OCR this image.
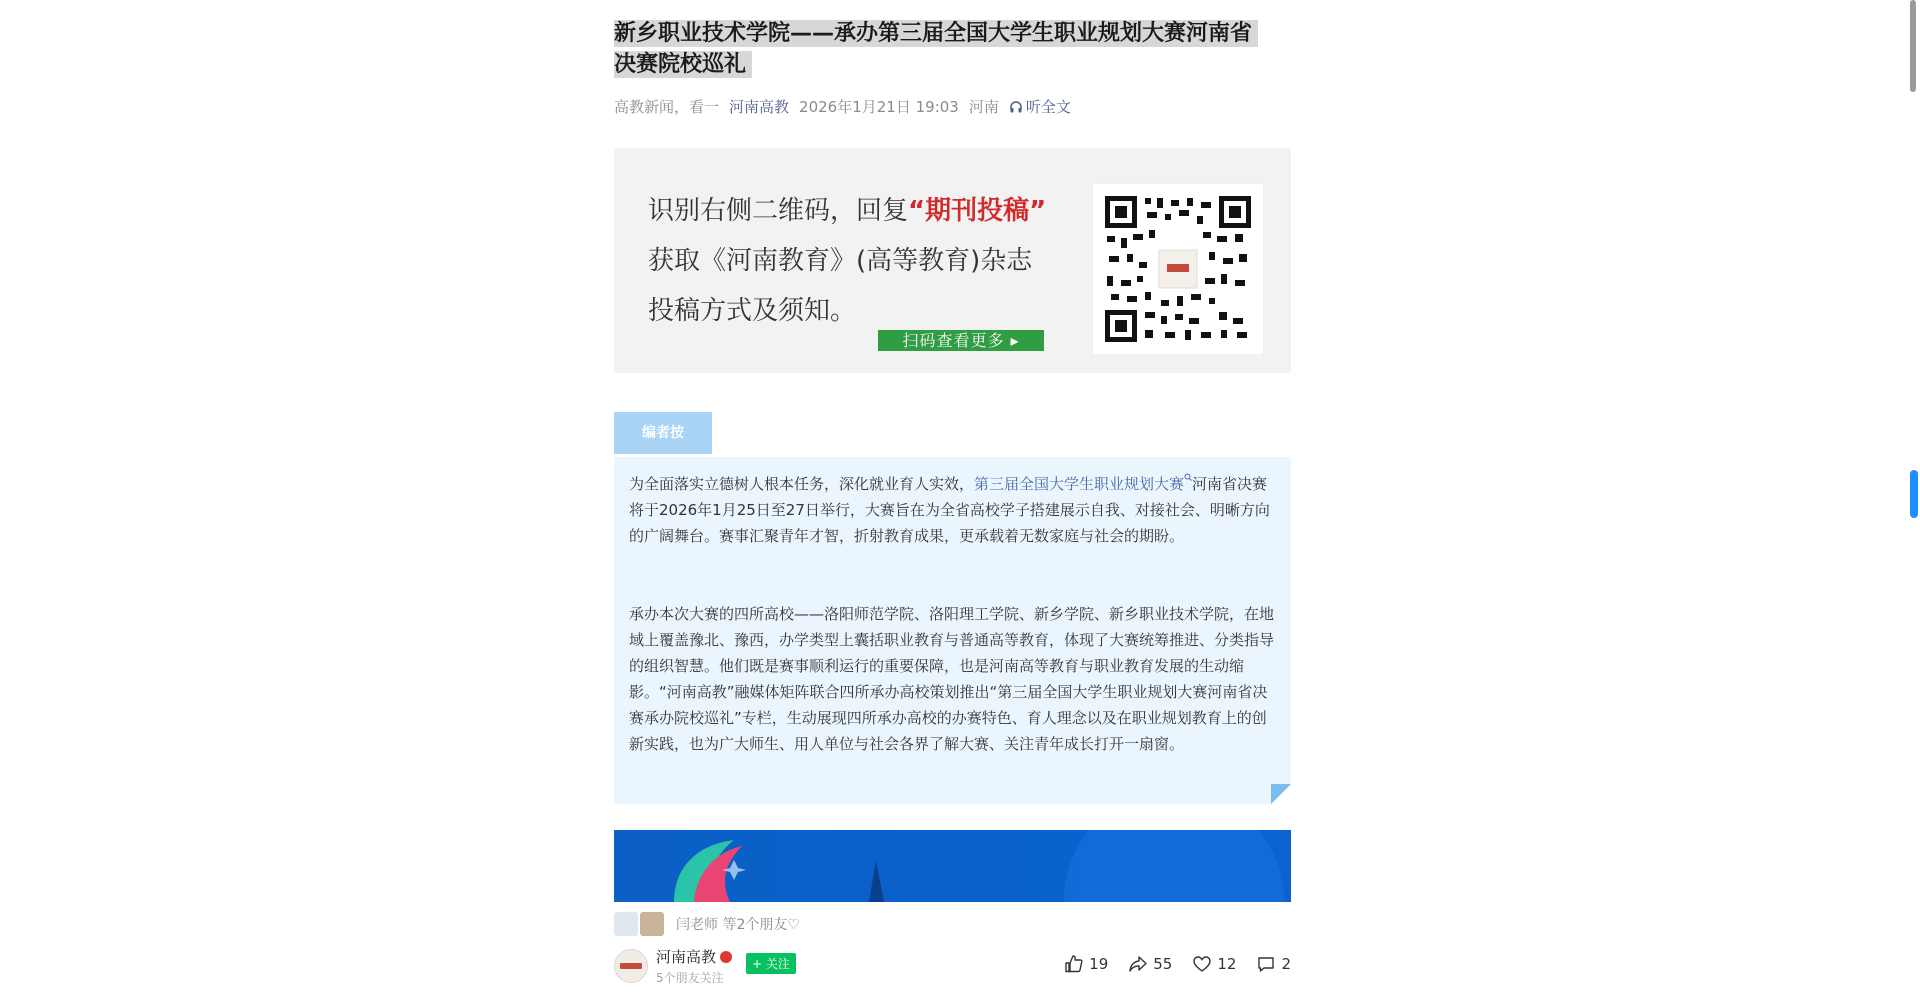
新乡职业技术学院——承办第三届全国大学生职业规划大赛河南省
决赛院校巡礼
高教新闻，看一 河南高教 2026年1月21日 19:03 河南 听全文
识别右侧二维码，回复“期刊投稿”
获取《河南教育》(高等教育)杂志
投稿方式及须知。
扫码查看更多 ▸
编者按

为全面落实立德树人根本任务，深化就业育人实效，第三届全国大学生职业规划大赛 河南省决赛将于2026年1月25日至27日举行，大赛旨在为全省高校学子搭建展示自我、对接社会、明晰方向的广阔舞台。赛事汇聚青年才智，折射教育成果，更承载着无数家庭与社会的期盼。

承办本次大赛的四所高校——洛阳师范学院、洛阳理工学院、新乡学院、新乡职业技术学院，在地域上覆盖豫北、豫西，办学类型上囊括职业教育与普通高等教育，体现了大赛统筹推进、分类指导的组织智慧。他们既是赛事顺利运行的重要保障，也是河南高等教育与职业教育发展的生动缩影。“河南高教”融媒体矩阵联合四所承办高校策划推出“第三届全国大学生职业规划大赛河南省决赛承办院校巡礼”专栏，生动展现四所承办高校的办赛特色、育人理念以及在职业规划教育上的创新实践，也为广大师生、用人单位与社会各界了解大赛、关注青年成长打开一扇窗。

闫老师 等2个朋友♡
河南高教
5个朋友关注
+ 关注	19	55	12	2
